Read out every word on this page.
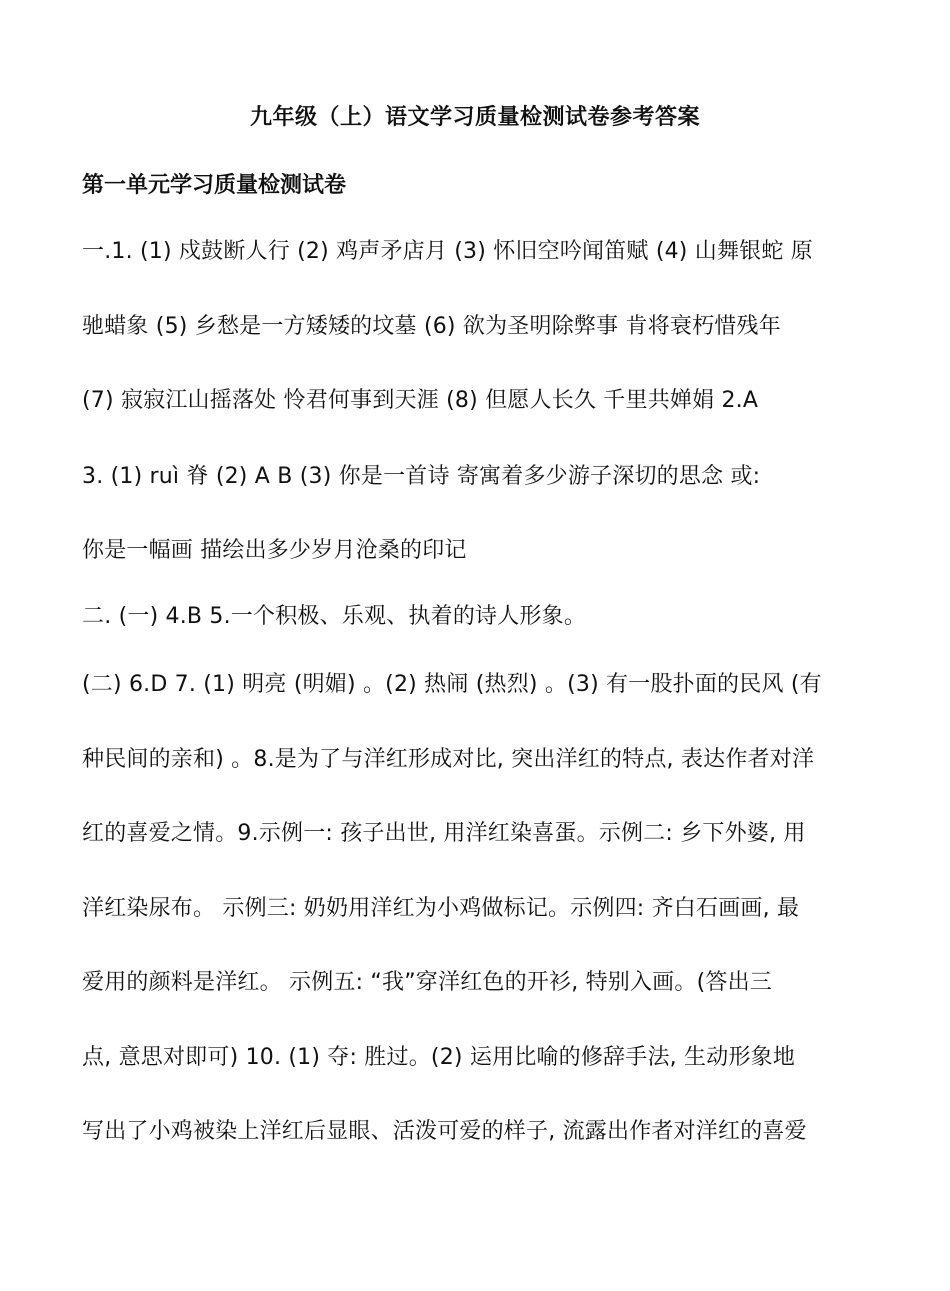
九年级（上）语文学习质量检测试卷参考答案
第一单元学习质量检测试卷
一.1. (1) 戍鼓断人行 (2) 鸡声矛店月 (3) 怀旧空吟闻笛赋 (4) 山舞银蛇 原
驰蜡象 (5) 乡愁是一方矮矮的坟墓 (6) 欲为圣明除弊事 肯将衰朽惜残年
(7) 寂寂江山摇落处 怜君何事到天涯 (8) 但愿人长久 千里共婵娟 2.A
3. (1) ruì 脊 (2) A B (3) 你是一首诗 寄寓着多少游子深切的思念 或:
你是一幅画 描绘出多少岁月沧桑的印记
二. (一) 4.B 5.一个积极、乐观、执着的诗人形象。
(二) 6.D 7. (1) 明亮 (明媚) 。(2) 热闹 (热烈) 。(3) 有一股扑面的民风 (有
种民间的亲和) 。8.是为了与洋红形成对比, 突出洋红的特点, 表达作者对洋
红的喜爱之情。9.示例一: 孩子出世, 用洋红染喜蛋。示例二: 乡下外婆, 用
洋红染尿布。 示例三: 奶奶用洋红为小鸡做标记。示例四: 齐白石画画, 最
爱用的颜料是洋红。 示例五: “我”穿洋红色的开衫, 特别入画。(答出三
点, 意思对即可) 10. (1) 夺: 胜过。(2) 运用比喻的修辞手法, 生动形象地
写出了小鸡被染上洋红后显眼、活泼可爱的样子, 流露出作者对洋红的喜爱
